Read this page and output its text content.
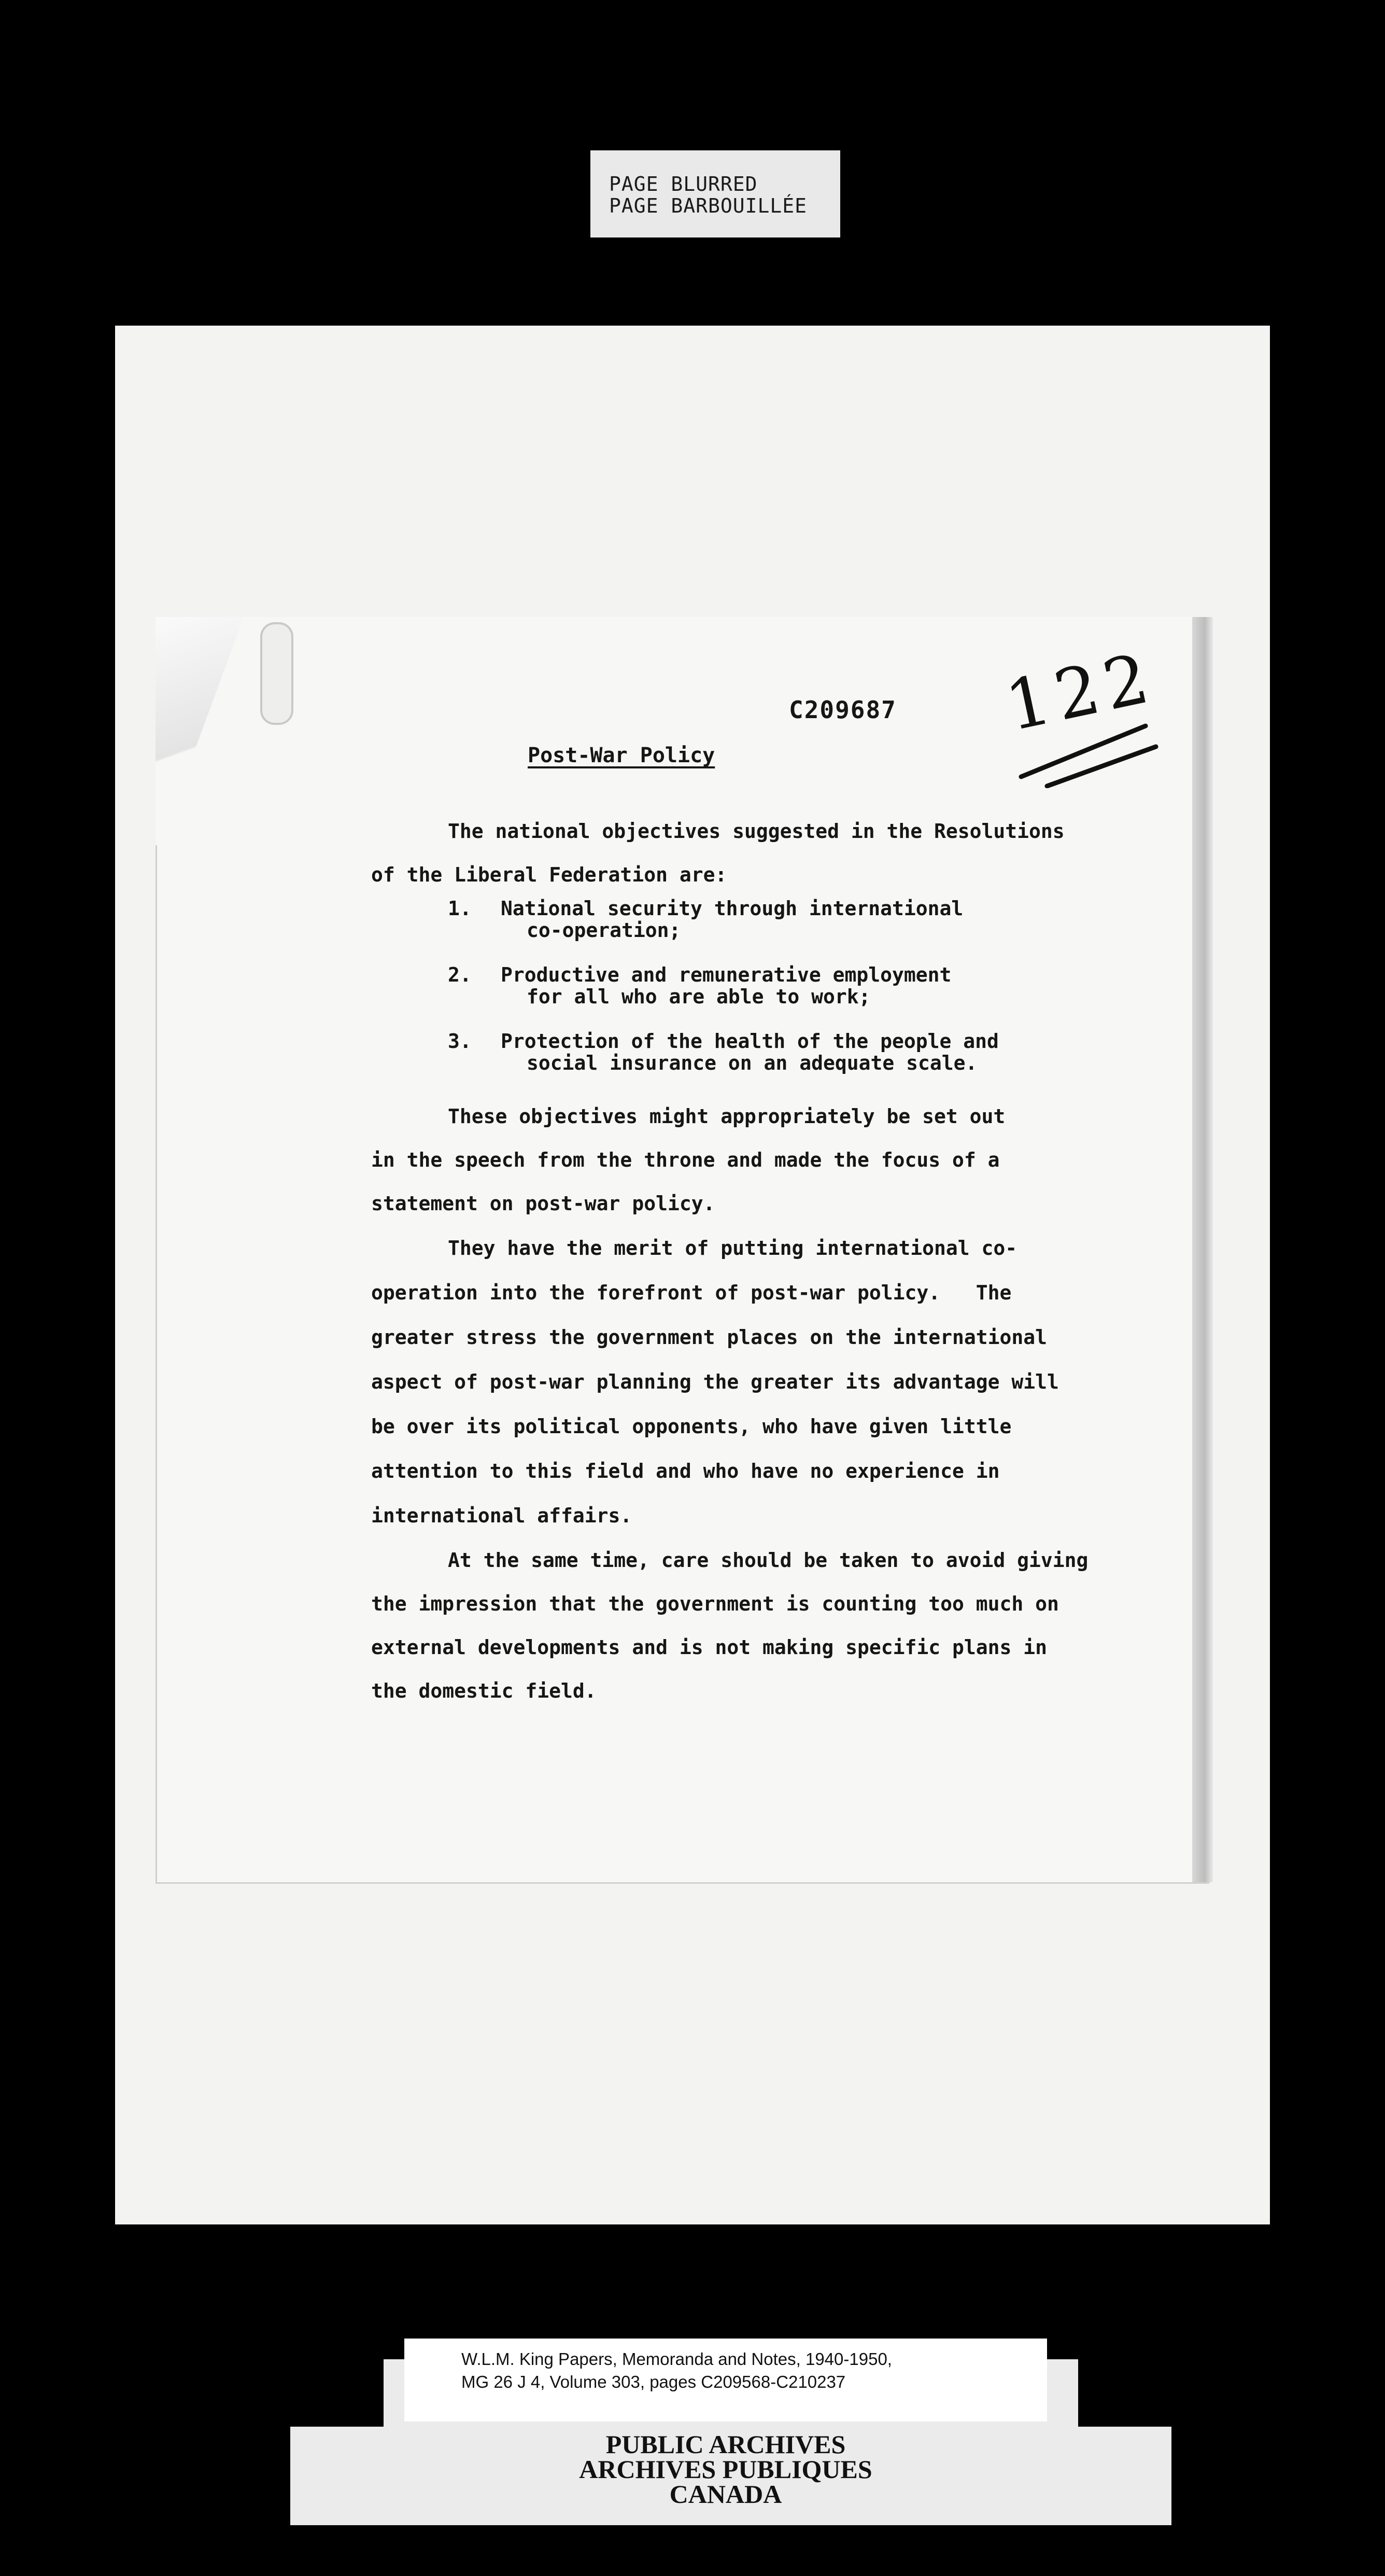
PAGE BLURRED
PAGE BARBOUILLÉE
C209687 122
Post-War Policy
The national objectives suggested in the Resolutions
of the Liberal Federation are:
1. National security through international
co-operation;
2. Productive and remunerative employment
for all who are able to work;
3. Protection of the health of the people and
social insurance on an adequate scale.
These objectives might appropriately be set out
in the speech from the throne and made the focus of a
statement on post-war policy.
They have the merit of putting international co-
operation into the forefront of post-war policy.   The
greater stress the government places on the international
aspect of post-war planning the greater its advantage will
be over its political opponents, who have given little
attention to this field and who have no experience in
international affairs.
At the same time, care should be taken to avoid giving
the impression that the government is counting too much on
external developments and is not making specific plans in
the domestic field.
W.L.M. King Papers, Memoranda and Notes, 1940-1950,
MG 26 J 4, Volume 303, pages C209568-C210237
PUBLIC ARCHIVES
ARCHIVES PUBLIQUES
CANADA
